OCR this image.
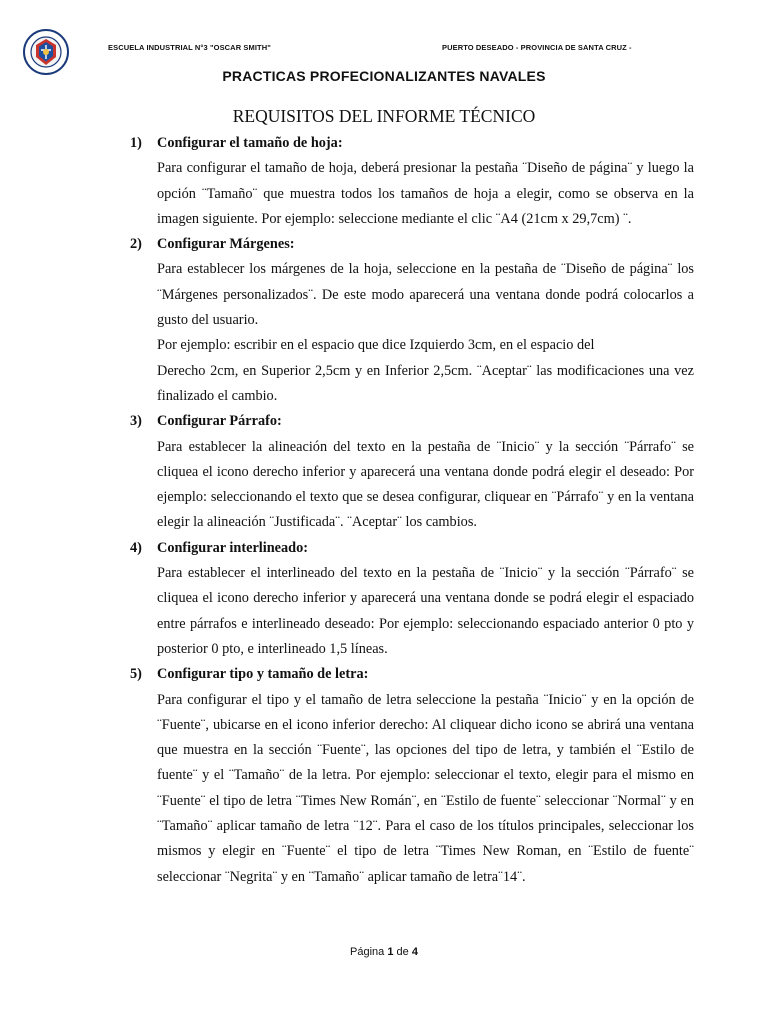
ESCUELA INDUSTRIAL N°3 "OSCAR SMITH"	PUERTO DESEADO - PROVINCIA DE SANTA CRUZ -
PRACTICAS PROFECIONALIZANTES NAVALES
REQUISITOS DEL INFORME TÉCNICO
1)	Configurar el tamaño de hoja:
Para configurar el tamaño de hoja, deberá presionar la pestaña ¨Diseño de página¨ y luego la opción ¨Tamaño¨ que muestra todos los tamaños de hoja a elegir, como se observa en la imagen siguiente. Por ejemplo: seleccione mediante el clic ¨A4 (21cm x 29,7cm) ¨.
2)	Configurar Márgenes:
Para establecer los márgenes de la hoja, seleccione en la pestaña de ¨Diseño de página¨ los ¨Márgenes personalizados¨. De este modo aparecerá una ventana donde podrá colocarlos a gusto del usuario.
Por ejemplo: escribir en el espacio que dice Izquierdo 3cm, en el espacio del
Derecho 2cm, en Superior 2,5cm y en Inferior 2,5cm. ¨Aceptar¨ las modificaciones una vez finalizado el cambio.
3)	Configurar Párrafo:
Para establecer la alineación del texto en la pestaña de ¨Inicio¨ y la sección ¨Párrafo¨ se cliquea el icono derecho inferior y aparecerá una ventana donde podrá elegir el deseado: Por ejemplo: seleccionando el texto que se desea configurar, cliquear en ¨Párrafo¨ y en la ventana elegir la alineación ¨Justificada¨. ¨Aceptar¨ los cambios.
4)	Configurar interlineado:
Para establecer el interlineado del texto en la pestaña de ¨Inicio¨ y la sección ¨Párrafo¨ se cliquea el icono derecho inferior y aparecerá una ventana donde se podrá elegir el espaciado entre párrafos e interlineado deseado: Por ejemplo: seleccionando espaciado anterior 0 pto y posterior 0 pto, e interlineado 1,5 líneas.
5)	Configurar tipo y tamaño de letra:
Para configurar el tipo y el tamaño de letra seleccione la pestaña ¨Inicio¨ y en la opción de ¨Fuente¨, ubicarse en el icono inferior derecho: Al cliquear dicho icono se abrirá una ventana que muestra en la sección ¨Fuente¨, las opciones del tipo de letra, y también el ¨Estilo de fuente¨ y el ¨Tamaño¨ de la letra. Por ejemplo: seleccionar el texto, elegir para el mismo en ¨Fuente¨ el tipo de letra ¨Times New Román¨, en ¨Estilo de fuente¨ seleccionar ¨Normal¨ y en ¨Tamaño¨ aplicar tamaño de letra ¨12¨. Para el caso de los títulos principales, seleccionar los mismos y elegir en ¨Fuente¨ el tipo de letra ¨Times New Roman, en ¨Estilo de fuente¨ seleccionar ¨Negrita¨ y en ¨Tamaño¨ aplicar tamaño de letra¨14¨.
Página 1 de 4
